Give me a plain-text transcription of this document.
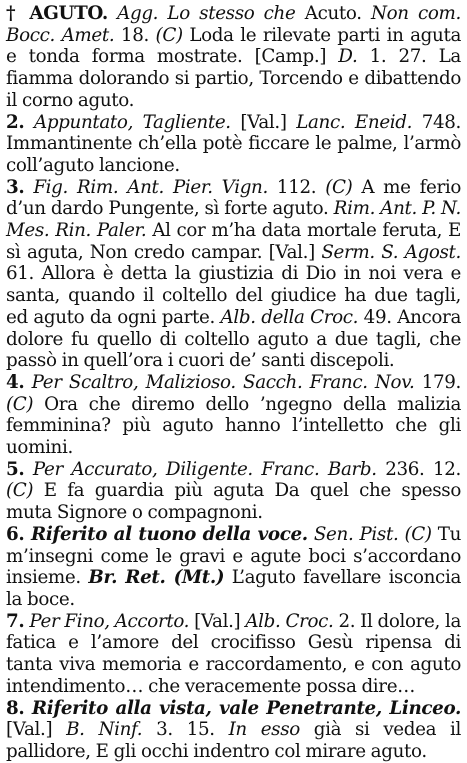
† AGUTO. Agg. Lo stesso che Acuto. Non com. Bocc. Amet. 18. (C) Loda le rilevate parti in aguta e tonda forma mostrate. [Camp.] D. 1. 27. La fiamma dolorando si partio, Torcendo e dibattendo il corno aguto.

2. Appuntato, Tagliente. [Val.] Lanc. Eneid. 748. Immantinente ch’ella potè ficcare le palme, l’armò coll’aguto lancione.

3. Fig. Rim. Ant. Pier. Vign. 112. (C) A me ferio d’un dardo Pungente, sì forte aguto. Rim. Ant. P. N. Mes. Rin. Paler. Al cor m’ha data mortale feruta, E sì aguta, Non credo campar. [Val.] Serm. S. Agost. 61. Allora è detta la giustizia di Dio in noi vera e santa, quando il coltello del giudice ha due tagli, ed aguto da ogni parte. Alb. della Croc. 49. Ancora dolore fu quello di coltello aguto a due tagli, che passò in quell’ora i cuori de’ santi discepoli.

4. Per Scaltro, Malizioso. Sacch. Franc. Nov. 179. (C) Ora che diremo dello ’ngegno della malizia femminina? più aguto hanno l’intelletto che gli uomini.

5. Per Accurato, Diligente. Franc. Barb. 236. 12. (C) E fa guardia più aguta Da quel che spesso muta Signore o compagnoni.

6. Riferito al tuono della voce. Sen. Pist. (C) Tu m’insegni come le gravi e agute boci s’accordano insieme. Br. Ret. (Mt.) L’aguto favellare isconcia la boce.

7. Per Fino, Accorto. [Val.] Alb. Croc. 2. Il dolore, la fatica e l’amore del crocifisso Gesù ripensa di tanta viva memoria e raccordamento, e con aguto intendimento… che veracemente possa dire…

8. Riferito alla vista, vale Penetrante, Linceo. [Val.] B. Ninf. 3. 15. In esso già si vedea il pallidore, E gli occhi indentro col mirare aguto.
